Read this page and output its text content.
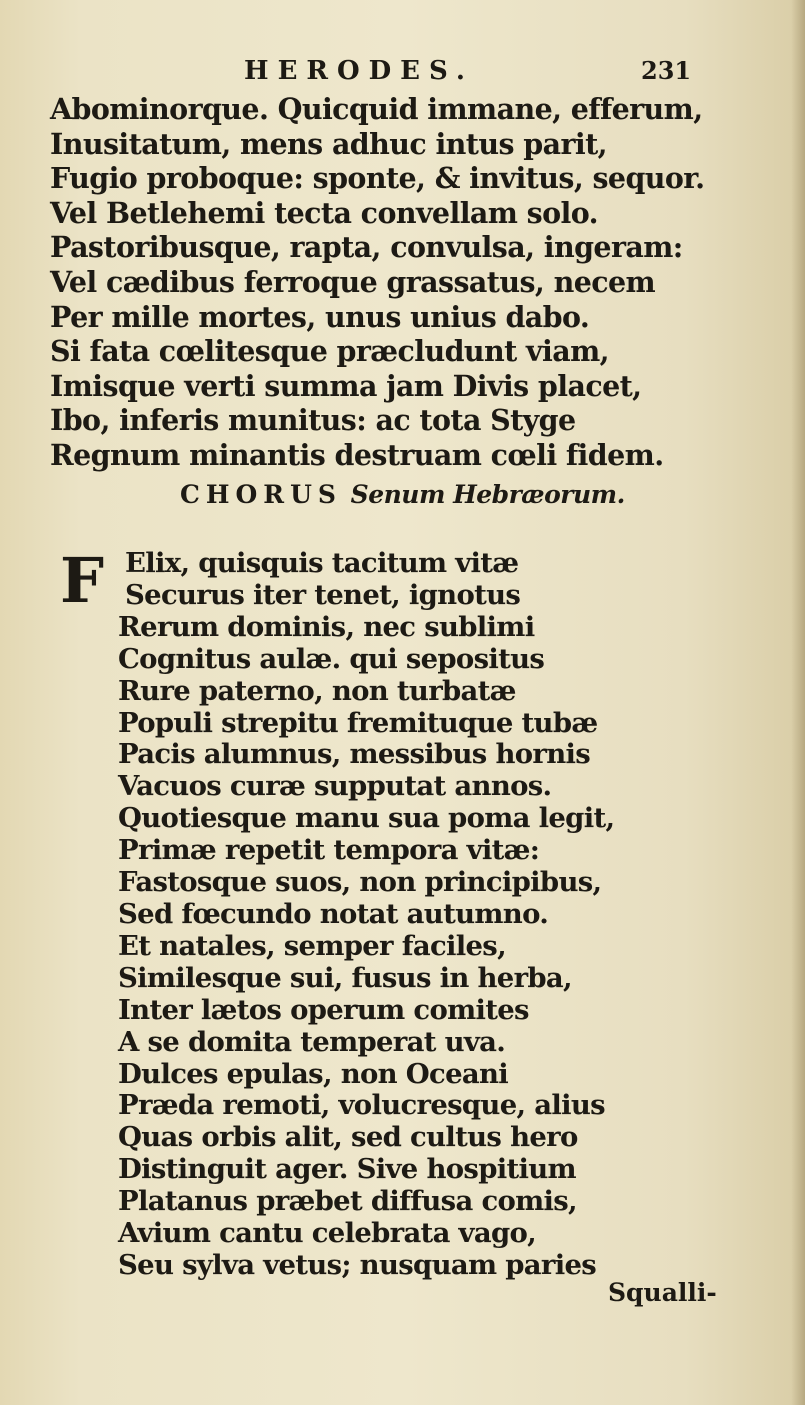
HERODES.	231
Abominorque. Quicquid immane, efferum,
Inusitatum, mens adhuc intus parit,
Fugio proboque: sponte, & invitus, sequor.
Vel Betlehemi tecta convellam solo.
Pastoribusque, rapta, convulsa, ingeram:
Vel cædibus ferroque grassatus, necem
Per mille mortes, unus unius dabo.
Si fata cœlitesque præcludunt viam,
Imisque verti summa jam Divis placet,
Ibo, inferis munitus: ac tota Styge
Regnum minantis destruam cœli fidem.
CHORUS Senum Hebræorum.
F Elix, quisquis tacitum vitæ
Securus iter tenet, ignotus
Rerum dominis, nec sublimi
Cognitus aulæ. qui sepositus
Rure paterno, non turbatæ
Populi strepitu fremituque tubæ
Pacis alumnus, messibus hornis
Vacuos curæ supputat annos.
Quotiesque manu sua poma legit,
Primæ repetit tempora vitæ:
Fastosque suos, non principibus,
Sed fœcundo notat autumno.
Et natales, semper faciles,
Similesque sui, fusus in herba,
Inter lætos operum comites
A se domita temperat uva.
Dulces epulas, non Oceani
Præda remoti, volucresque, alius
Quas orbis alit, sed cultus hero
Distinguit ager. Sive hospitium
Platanus præbet diffusa comis,
Avium cantu celebrata vago,
Seu sylva vetus; nusquam paries
Squalli-
